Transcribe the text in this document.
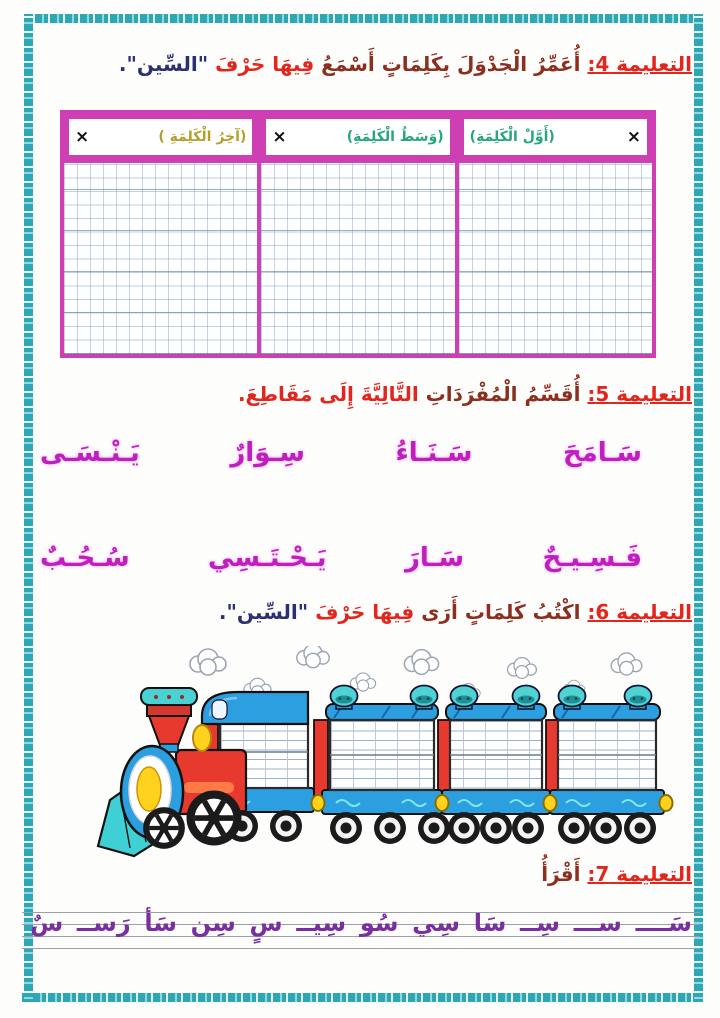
التعليمة 4: أُعَمِّرُ الْجَدْوَلَ بِكَلِمَاتٍ أَسْمَعُ فِيهَا حَرْفَ "السِّين".
×
(أَوَّلْ الْكَلِمَةِ)
(وَسَطُ الْكَلِمَةِ)
×
(آخِرُ الْكَلِمَةِ )
×
التعليمة 5: أُقَسِّمُ الْمُفْرَدَاتِ التَّالِيَّةَ إِلَى مَقَاطِعَ.
سَـامَحَ
سَـنَـاءُ
سِـوَارٌ
يَـنْـسَـى
فَـسِـيـحٌ
سَـارَ
يَـحْـتَـسِي
سُـحُـبٌ
التعليمة 6: اكْتُبُ كَلِمَاتٍ أَرَى فِيهَا حَرْفَ "السِّين".
التعليمة 7: أَقْرَأُ
سَــــ
ســـ
سِــ
سَا
سِي
سُو
سِيــ
سٍ
سِن
سَأ
رَســ
سٌ
